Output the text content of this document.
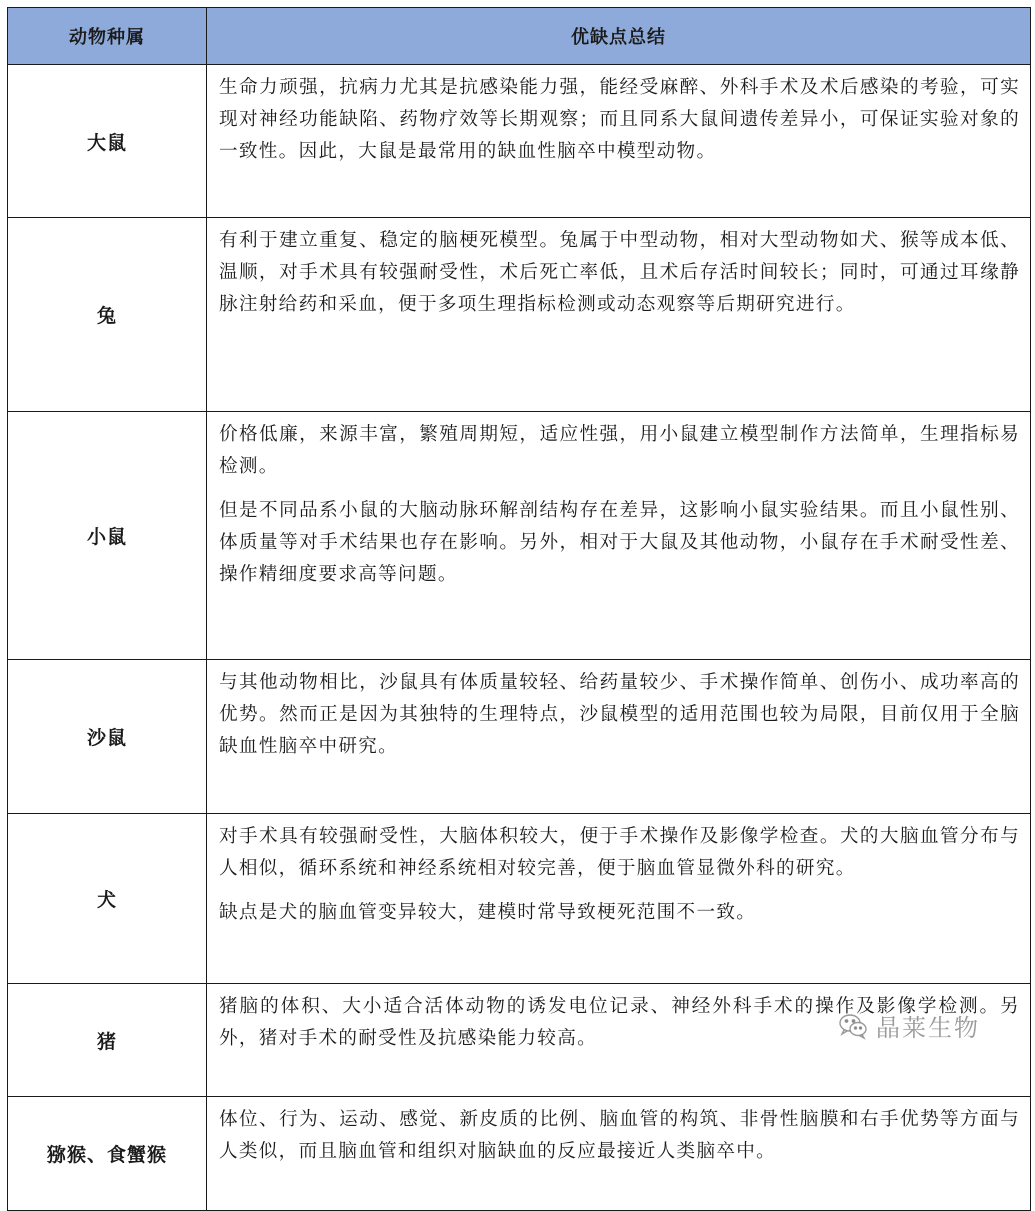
动物种属	优缺点总结
大鼠	生命力顽强，抗病力尤其是抗感染能力强，能经受麻醉、外科手术及术后感染的考验，可实现对神经功能缺陷、药物疗效等长期观察；而且同系大鼠间遗传差异小，可保证实验对象的一致性。因此，大鼠是最常用的缺血性脑卒中模型动物。

兔	有利于建立重复、稳定的脑梗死模型。兔属于中型动物，相对大型动物如犬、猴等成本低、温顺，对手术具有较强耐受性，术后死亡率低，且术后存活时间较长；同时，可通过耳缘静脉注射给药和采血，便于多项生理指标检测或动态观察等后期研究进行。

小鼠	价格低廉，来源丰富，繁殖周期短，适应性强，用小鼠建立模型制作方法简单，生理指标易检测。

但是不同品系小鼠的大脑动脉环解剖结构存在差异，这影响小鼠实验结果。而且小鼠性别、体质量等对手术结果也存在影响。另外，相对于大鼠及其他动物，小鼠存在手术耐受性差、操作精细度要求高等问题。

沙鼠	与其他动物相比，沙鼠具有体质量较轻、给药量较少、手术操作简单、创伤小、成功率高的优势。然而正是因为其独特的生理特点，沙鼠模型的适用范围也较为局限，目前仅用于全脑缺血性脑卒中研究。

犬	对手术具有较强耐受性，大脑体积较大，便于手术操作及影像学检查。犬的大脑血管分布与人相似，循环系统和神经系统相对较完善，便于脑血管显微外科的研究。

缺点是犬的脑血管变异较大，建模时常导致梗死范围不一致。

猪	猪脑的体积、大小适合活体动物的诱发电位记录、神经外科手术的操作及影像学检测。另外，猪对手术的耐受性及抗感染能力较高。

猕猴、食蟹猴	体位、行为、运动、感觉、新皮质的比例、脑血管的构筑、非骨性脑膜和右手优势等方面与人类似，而且脑血管和组织对脑缺血的反应最接近人类脑卒中。

晶莱生物
